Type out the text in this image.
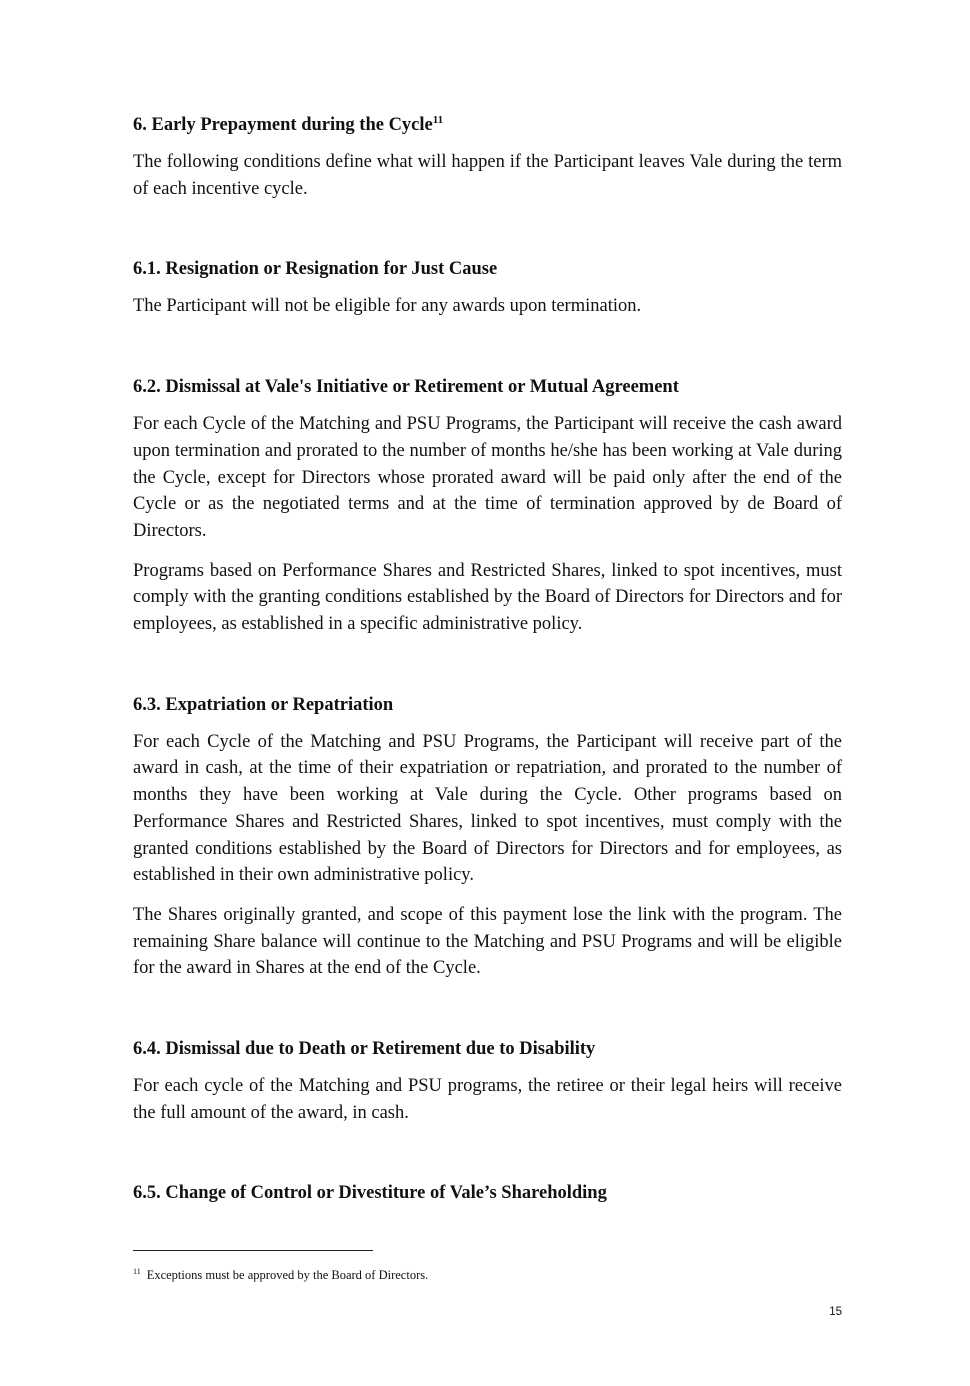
6. Early Prepayment during the Cycle$^{11}$

The following conditions define what will happen if the Participant leaves Vale during the term of each incentive cycle.

6.1. Resignation or Resignation for Just Cause

The Participant will not be eligible for any awards upon termination.

6.2. Dismissal at Vale's Initiative or Retirement or Mutual Agreement

For each Cycle of the Matching and PSU Programs, the Participant will receive the cash award upon termination and prorated to the number of months he/she has been working at Vale during the Cycle, except for Directors whose prorated award will be paid only after the end of the Cycle or as the negotiated terms and at the time of termination approved by de Board of Directors.

Programs based on Performance Shares and Restricted Shares, linked to spot incentives, must comply with the granting conditions established by the Board of Directors for Directors and for employees, as established in a specific administrative policy.

6.3. Expatriation or Repatriation

For each Cycle of the Matching and PSU Programs, the Participant will receive part of the award in cash, at the time of their expatriation or repatriation, and prorated to the number of months they have been working at Vale during the Cycle. Other programs based on Performance Shares and Restricted Shares, linked to spot incentives, must comply with the granted conditions established by the Board of Directors for Directors and for employees, as established in their own administrative policy.

The Shares originally granted, and scope of this payment lose the link with the program. The remaining Share balance will continue to the Matching and PSU Programs and will be eligible for the award in Shares at the end of the Cycle.

6.4. Dismissal due to Death or Retirement due to Disability

For each cycle of the Matching and PSU programs, the retiree or their legal heirs will receive the full amount of the award, in cash.

6.5. Change of Control or Divestiture of Vale’s Shareholding
$^{11}$ Exceptions must be approved by the Board of Directors.
15
